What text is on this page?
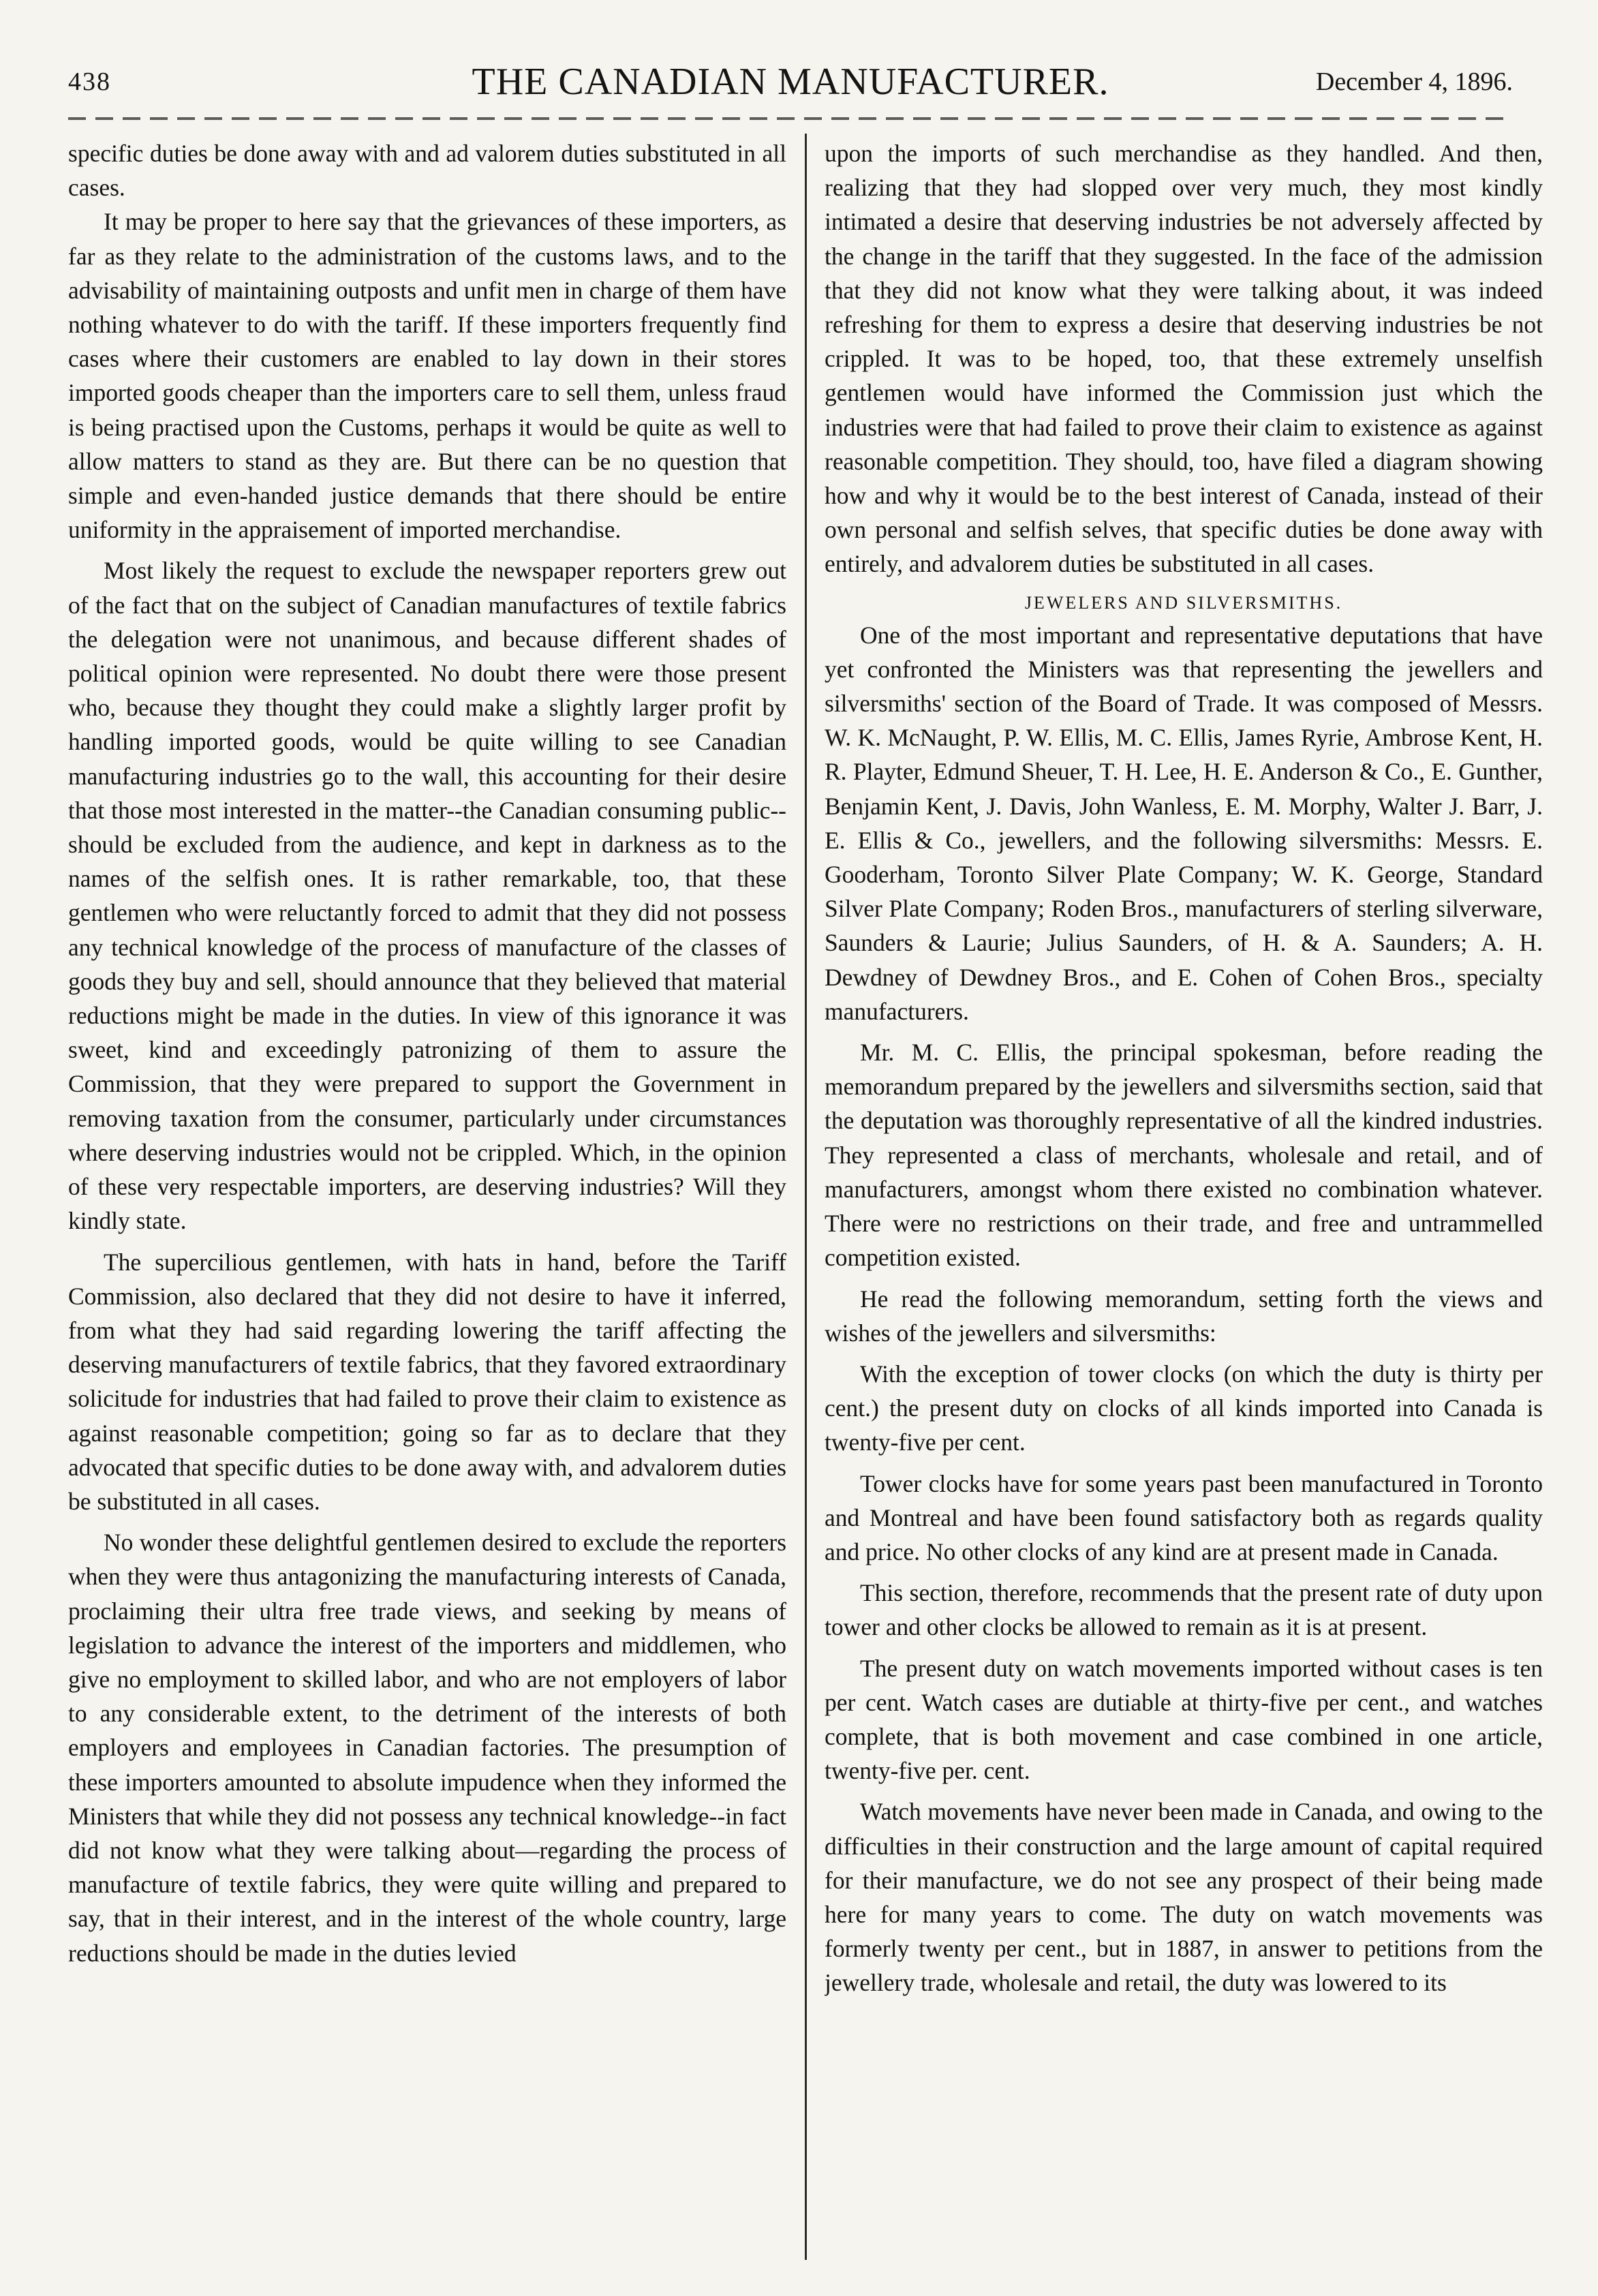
438	THE CANADIAN MANUFACTURER.	December 4, 1896.

specific duties be done away with and ad valorem duties substituted in all cases.

It may be proper to here say that the grievances of these importers, as far as they relate to the administration of the customs laws, and to the advisability of maintaining outposts and unfit men in charge of them have nothing whatever to do with the tariff. If these importers frequently find cases where their customers are enabled to lay down in their stores imported goods cheaper than the importers care to sell them, unless fraud is being practised upon the Customs, perhaps it would be quite as well to allow matters to stand as they are. But there can be no question that simple and even-handed justice demands that there should be entire uniformity in the appraisement of imported merchandise.

Most likely the request to exclude the newspaper reporters grew out of the fact that on the subject of Canadian manufactures of textile fabrics the delegation were not unanimous, and because different shades of political opinion were represented. No doubt there were those present who, because they thought they could make a slightly larger profit by handling imported goods, would be quite willing to see Canadian manufacturing industries go to the wall, this accounting for their desire that those most interested in the matter--the Canadian consuming public--should be excluded from the audience, and kept in darkness as to the names of the selfish ones. It is rather remarkable, too, that these gentlemen who were reluctantly forced to admit that they did not possess any technical knowledge of the process of manufacture of the classes of goods they buy and sell, should announce that they believed that material reductions might be made in the duties. In view of this ignorance it was sweet, kind and exceedingly patronizing of them to assure the Commission, that they were prepared to support the Government in removing taxation from the consumer, particularly under circumstances where deserving industries would not be crippled. Which, in the opinion of these very respectable importers, are deserving industries? Will they kindly state.

The supercilious gentlemen, with hats in hand, before the Tariff Commission, also declared that they did not desire to have it inferred, from what they had said regarding lowering the tariff affecting the deserving manufacturers of textile fabrics, that they favored extraordinary solicitude for industries that had failed to prove their claim to existence as against reasonable competition; going so far as to declare that they advocated that specific duties to be done away with, and advalorem duties be substituted in all cases.

No wonder these delightful gentlemen desired to exclude the reporters when they were thus antagonizing the manufacturing interests of Canada, proclaiming their ultra free trade views, and seeking by means of legislation to advance the interest of the importers and middlemen, who give no employment to skilled labor, and who are not employers of labor to any considerable extent, to the detriment of the interests of both employers and employees in Canadian factories. The presumption of these importers amounted to absolute impudence when they informed the Ministers that while they did not possess any technical knowledge--in fact did not know what they were talking about—regarding the process of manufacture of textile fabrics, they were quite willing and prepared to say, that in their interest, and in the interest of the whole country, large reductions should be made in the duties levied

upon the imports of such merchandise as they handled. And then, realizing that they had slopped over very much, they most kindly intimated a desire that deserving industries be not adversely affected by the change in the tariff that they suggested. In the face of the admission that they did not know what they were talking about, it was indeed refreshing for them to express a desire that deserving industries be not crippled. It was to be hoped, too, that these extremely unselfish gentlemen would have informed the Commission just which the industries were that had failed to prove their claim to existence as against reasonable competition. They should, too, have filed a diagram showing how and why it would be to the best interest of Canada, instead of their own personal and selfish selves, that specific duties be done away with entirely, and advalorem duties be substituted in all cases.

JEWELERS AND SILVERSMITHS.

One of the most important and representative deputations that have yet confronted the Ministers was that representing the jewellers and silversmiths' section of the Board of Trade. It was composed of Messrs. W. K. McNaught, P. W. Ellis, M. C. Ellis, James Ryrie, Ambrose Kent, H. R. Playter, Edmund Sheuer, T. H. Lee, H. E. Anderson & Co., E. Gunther, Benjamin Kent, J. Davis, John Wanless, E. M. Morphy, Walter J. Barr, J. E. Ellis & Co., jewellers, and the following silversmiths: Messrs. E. Gooderham, Toronto Silver Plate Company; W. K. George, Standard Silver Plate Company; Roden Bros., manufacturers of sterling silverware, Saunders & Laurie; Julius Saunders, of H. & A. Saunders; A. H. Dewdney of Dewdney Bros., and E. Cohen of Cohen Bros., specialty manufacturers.

Mr. M. C. Ellis, the principal spokesman, before reading the memorandum prepared by the jewellers and silversmiths section, said that the deputation was thoroughly representative of all the kindred industries. They represented a class of merchants, wholesale and retail, and of manufacturers, amongst whom there existed no combination whatever. There were no restrictions on their trade, and free and untrammelled competition existed.

He read the following memorandum, setting forth the views and wishes of the jewellers and silversmiths:

With the exception of tower clocks (on which the duty is thirty per cent.) the present duty on clocks of all kinds imported into Canada is twenty-five per cent.

Tower clocks have for some years past been manufactured in Toronto and Montreal and have been found satisfactory both as regards quality and price. No other clocks of any kind are at present made in Canada.

This section, therefore, recommends that the present rate of duty upon tower and other clocks be allowed to remain as it is at present.

The present duty on watch movements imported without cases is ten per cent. Watch cases are dutiable at thirty-five per cent., and watches complete, that is both movement and case combined in one article, twenty-five per. cent.

Watch movements have never been made in Canada, and owing to the difficulties in their construction and the large amount of capital required for their manufacture, we do not see any prospect of their being made here for many years to come. The duty on watch movements was formerly twenty per cent., but in 1887, in answer to petitions from the jewellery trade, wholesale and retail, the duty was lowered to its
